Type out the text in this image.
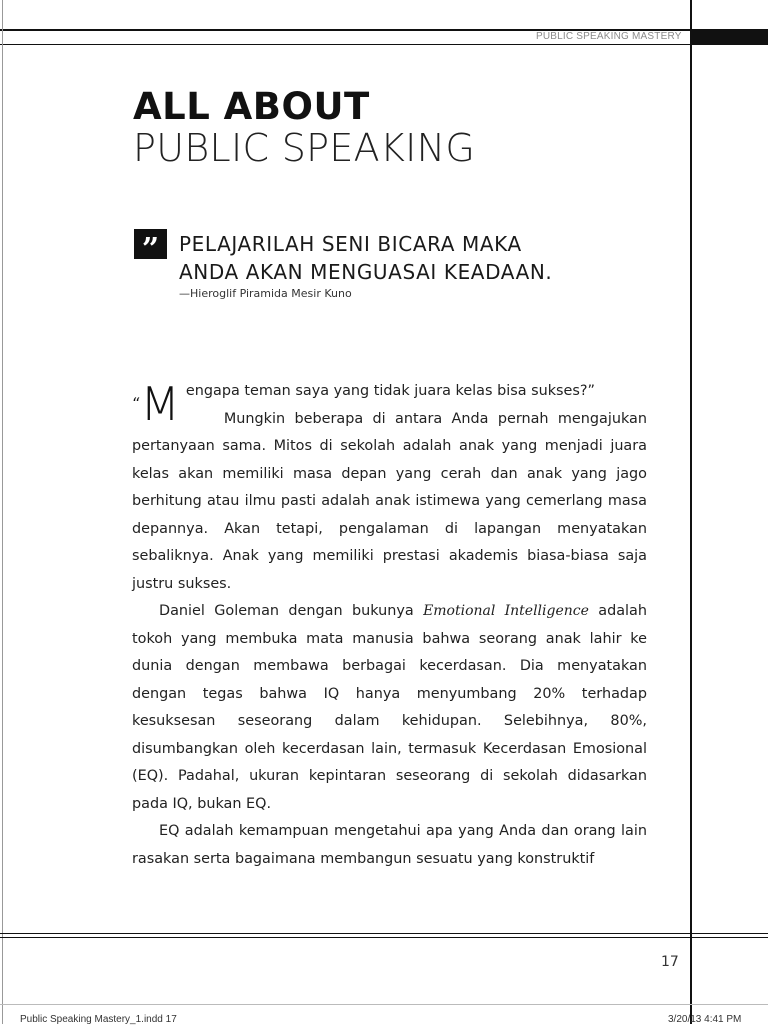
PUBLIC SPEAKING MASTERY
ALL ABOUT
PUBLIC SPEAKING
” PELAJARILAH SENI BICARA MAKA
ANDA AKAN MENGUASAI KEADAAN.
—Hieroglif Piramida Mesir Kuno

“M engapa teman saya yang tidak juara kelas bisa sukses?”
Mungkin beberapa di antara Anda pernah mengajukan pertanyaan sama. Mitos di sekolah adalah anak yang menjadi juara kelas akan memiliki masa depan yang cerah dan anak yang jago berhitung atau ilmu pasti adalah anak istimewa yang cemerlang masa depannya. Akan tetapi, pengalaman di lapangan menyatakan sebaliknya. Anak yang memiliki prestasi akademis biasa-biasa saja justru sukses.

Daniel Goleman dengan bukunya Emotional Intelligence adalah tokoh yang membuka mata manusia bahwa seorang anak lahir ke dunia dengan membawa berbagai kecerdasan. Dia menyatakan dengan tegas bahwa IQ hanya menyumbang 20% terhadap kesuksesan seseorang dalam kehidupan. Selebihnya, 80%, disumbangkan oleh kecerdasan lain, termasuk Kecerdasan Emosional (EQ). Padahal, ukuran kepintaran seseorang di sekolah didasarkan pada IQ, bukan EQ.

EQ adalah kemampuan mengetahui apa yang Anda dan orang lain rasakan serta bagaimana membangun sesuatu yang konstruktif

17
Public Speaking Mastery_1.indd 17	3/20/13 4:41 PM
